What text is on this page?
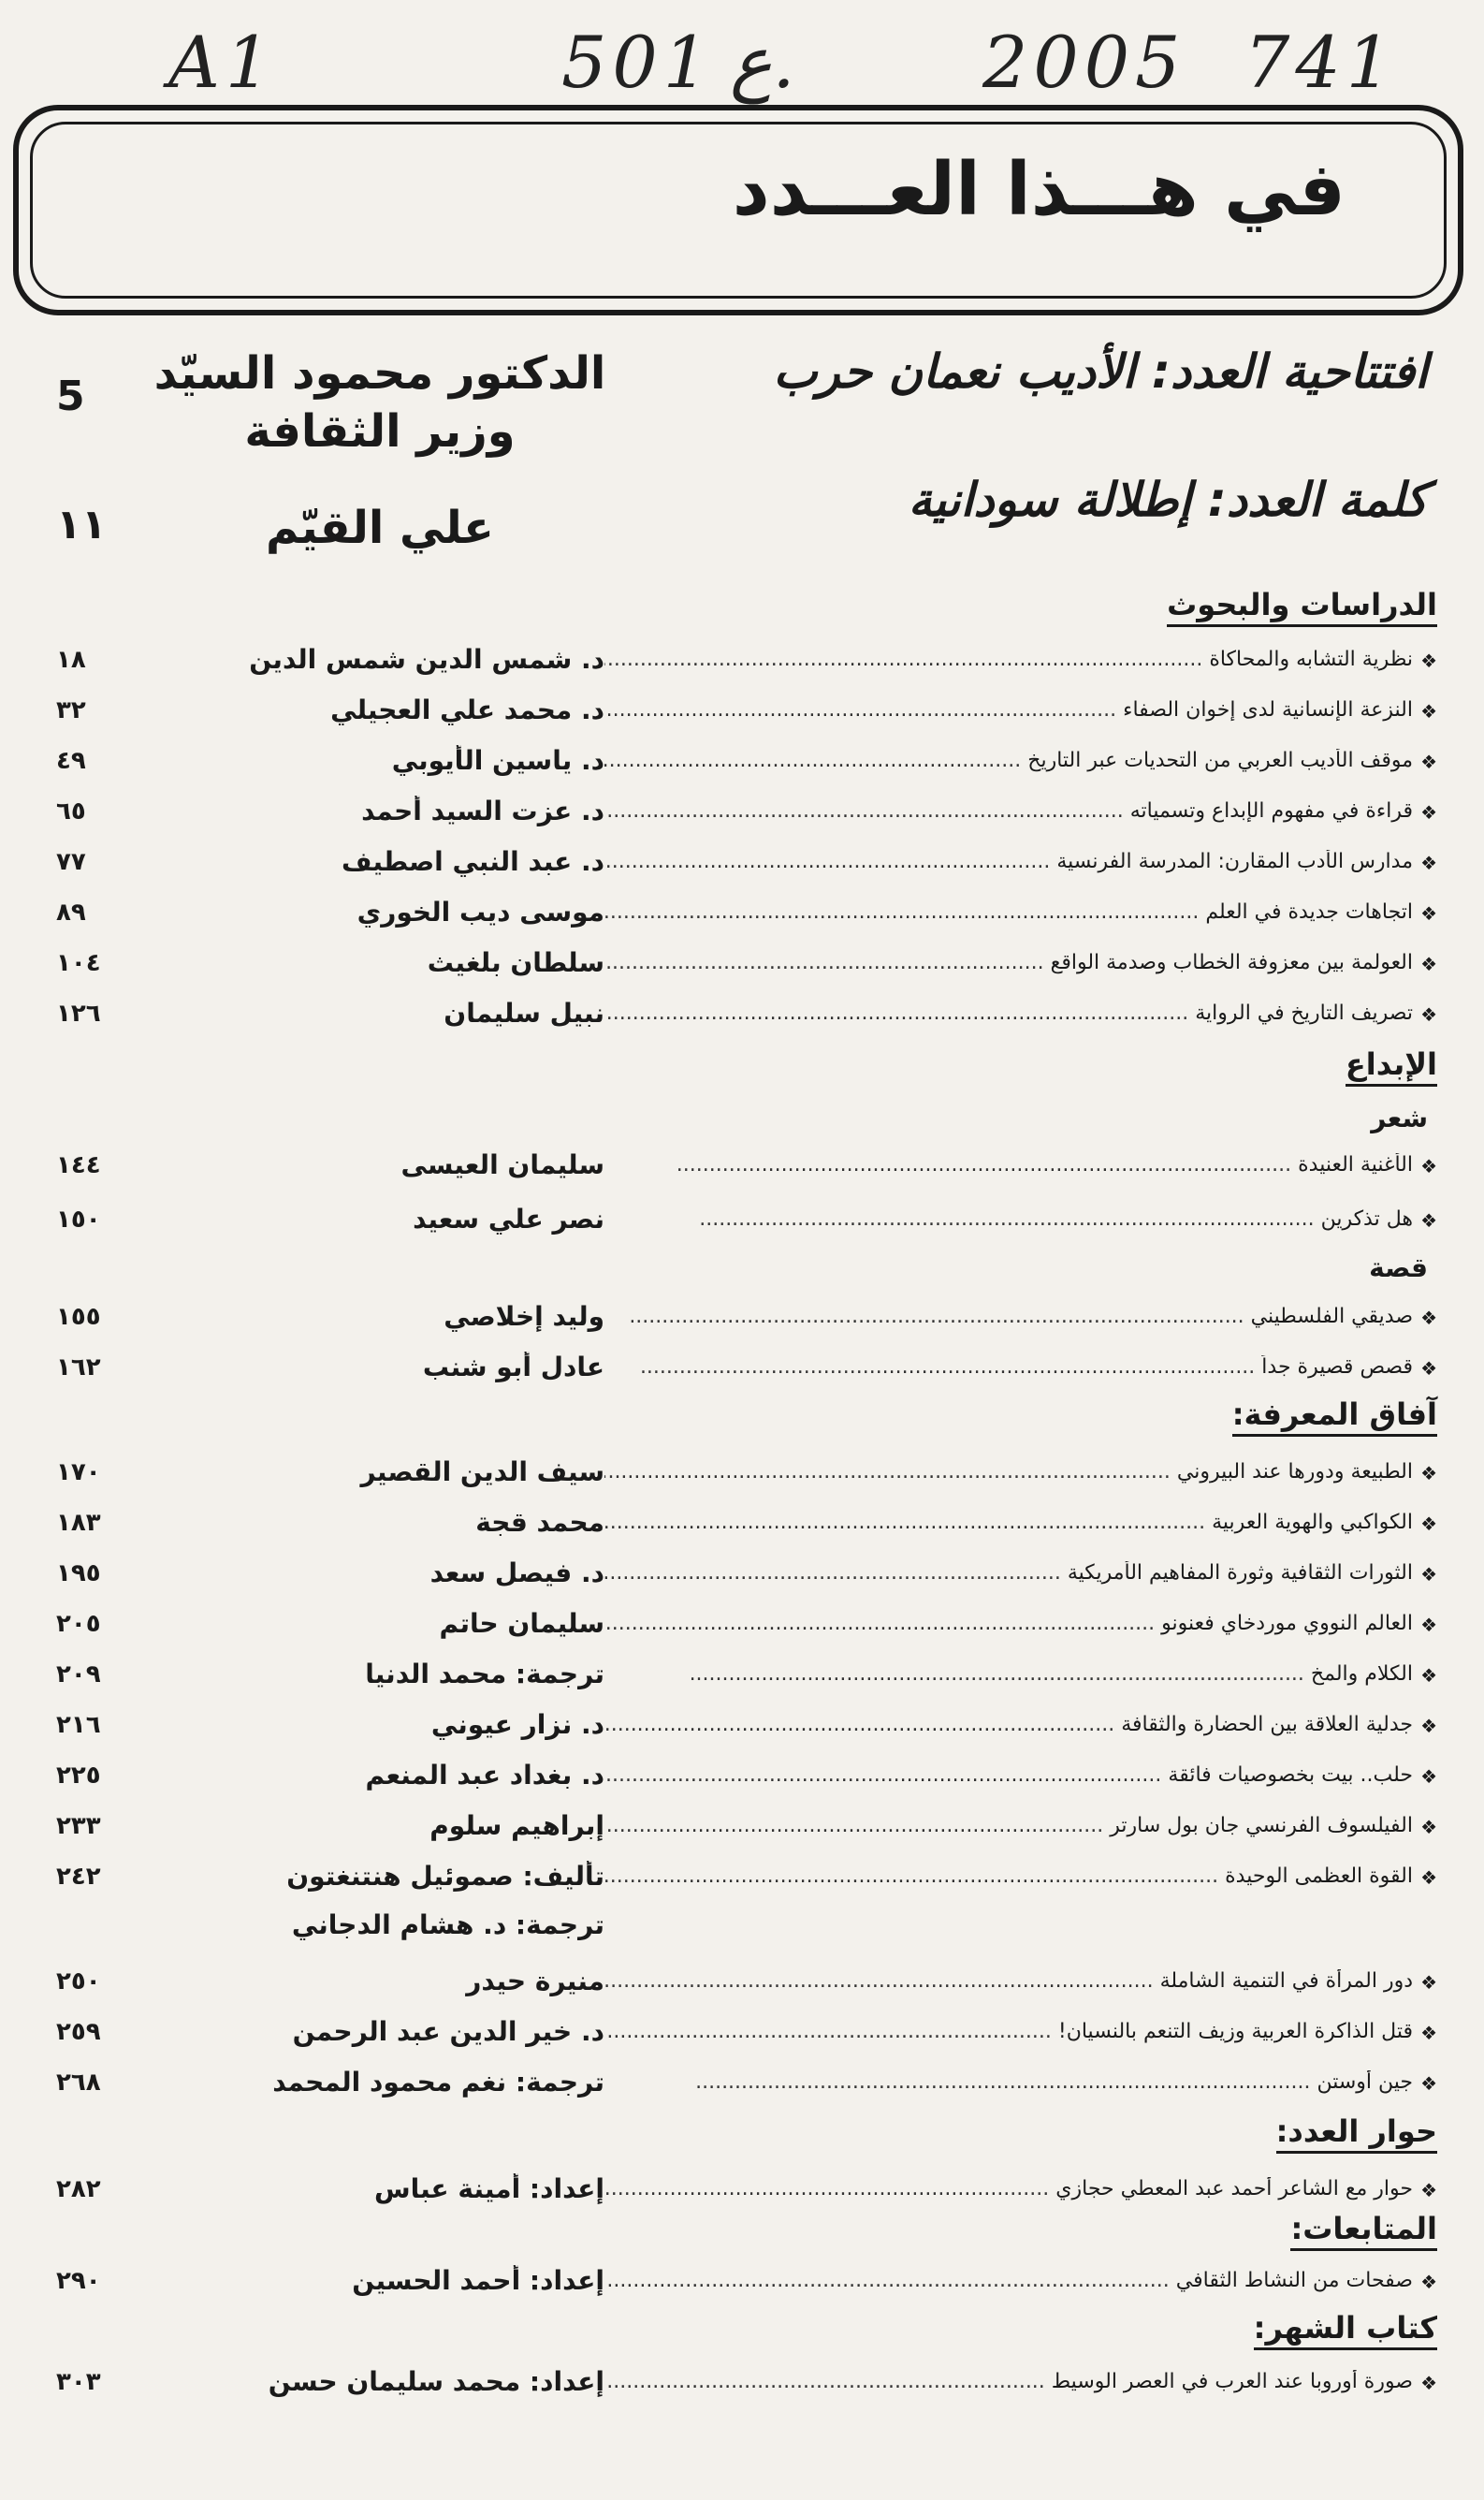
A1	501 ع.	2005 741
في هـــذا العـــدد
افتتاحية العدد: الأديب نعمان حرب
الدكتور محمود السيّد
وزير الثقافة
5
كلمة العدد: إطلالة سودانية
علي القيّم
١١
الدراسات والبحوث
❖
نظرية التشابه والمحاكاة .....
د. شمس الدين شمس الدين
١٨
❖
النزعة الإنسانية لدى إخوان الصفاء .....
د. محمد علي العجيلي
٣٢
❖
موقف الأديب العربي من التحديات عبر التاريخ .....
د. ياسين الأيوبي
٤٩
❖
قراءة في مفهوم الإبداع وتسمياته .....
د. عزت السيد أحمد
٦٥
❖
مدارس الأدب المقارن: المدرسة الفرنسية .....
د. عبد النبي اصطيف
٧٧
❖
اتجاهات جديدة في العلم .....
موسى ديب الخوري
٨٩
❖
العولمة بين معزوفة الخطاب وصدمة الواقع .....
سلطان بلغيث
١٠٤
❖
تصريف التاريخ في الرواية .....
نبيل سليمان
١٢٦
الإبداع
شعر
❖
الأغنية العنيدة .....
سليمان العيسى
١٤٤
❖
هل تذكرين .....
نصر علي سعيد
١٥٠
قصة
❖
صديقي الفلسطيني .....
وليد إخلاصي
١٥٥
❖
قصص قصيرة جداً .....
عادل أبو شنب
١٦٢
آفاق المعرفة:
❖
الطبيعة ودورها عند البيروني .....
سيف الدين القصير
١٧٠
❖
الكواكبي والهوية العربية .....
محمد قجة
١٨٣
❖
الثورات الثقافية وثورة المفاهيم الأمريكية .....
د. فيصل سعد
١٩٥
❖
العالم النووي موردخاي فعنونو .....
سليمان حاتم
٢٠٥
❖
الكلام والمخ .....
ترجمة: محمد الدنيا
٢٠٩
❖
جدلية العلاقة بين الحضارة والثقافة .....
د. نزار عيوني
٢١٦
❖
حلب.. بيت بخصوصيات فائقة .....
د. بغداد عبد المنعم
٢٢٥
❖
الفيلسوف الفرنسي جان بول سارتر .....
إبراهيم سلوم
٢٣٣
❖
القوة العظمى الوحيدة .....
تأليف: صموئيل هنتنغتون
٢٤٢
ترجمة: د. هشام الدجاني
❖
دور المرأة في التنمية الشاملة .....
منيرة حيدر
٢٥٠
❖
قتل الذاكرة العربية وزيف التنعم بالنسيان! .....
د. خير الدين عبد الرحمن
٢٥٩
❖
جين أوستن .....
ترجمة: نغم محمود المحمد
٢٦٨
حوار العدد:
❖
حوار مع الشاعر أحمد عبد المعطي حجازي .....
إعداد: أمينة عباس
٢٨٢
المتابعات:
❖
صفحات من النشاط الثقافي .....
إعداد: أحمد الحسين
٢٩٠
كتاب الشهر:
❖
صورة أوروبا عند العرب في العصر الوسيط .....
إعداد: محمد سليمان حسن
٣٠٣
